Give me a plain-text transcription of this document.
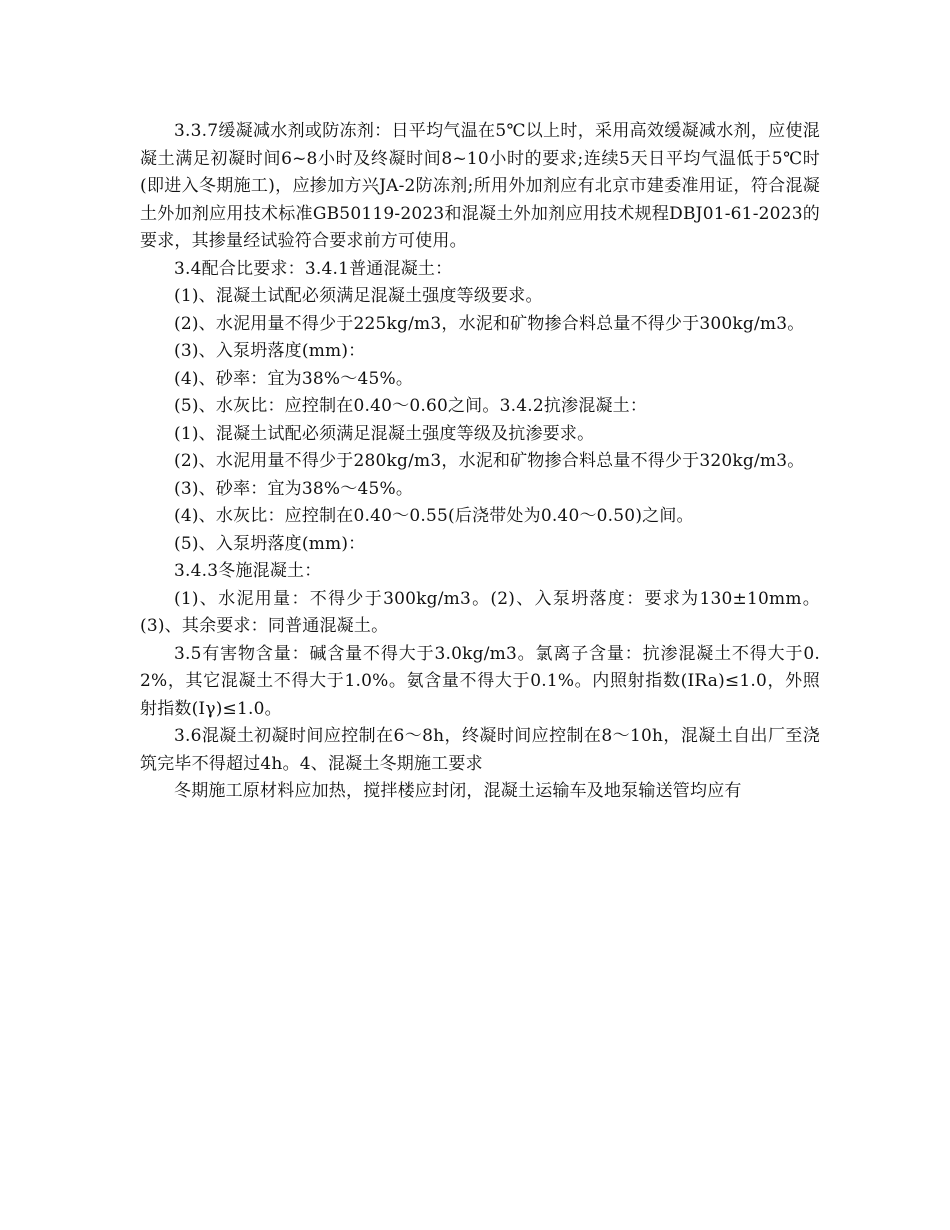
3.3.7缓凝减水剂或防冻剂：日平均气温在5℃以上时，采用高效缓凝减水剂，应使混凝土满足初凝时间6~8小时及终凝时间8~10小时的要求;连续5天日平均气温低于5℃时(即进入冬期施工)，应掺加方兴JA-2防冻剂;所用外加剂应有北京市建委准用证，符合混凝土外加剂应用技术标准GB50119-2023和混凝土外加剂应用技术规程DBJ01-61-2023的要求，其掺量经试验符合要求前方可使用。

3.4配合比要求：3.4.1普通混凝土：

(1)、混凝土试配必须满足混凝土强度等级要求。

(2)、水泥用量不得少于225kg/m3，水泥和矿物掺合料总量不得少于300kg/m3。

(3)、入泵坍落度(mm)：

(4)、砂率：宜为38%～45%。

(5)、水灰比：应控制在0.40～0.60之间。3.4.2抗渗混凝土：

(1)、混凝土试配必须满足混凝土强度等级及抗渗要求。

(2)、水泥用量不得少于280kg/m3，水泥和矿物掺合料总量不得少于320kg/m3。

(3)、砂率：宜为38%～45%。

(4)、水灰比：应控制在0.40～0.55(后浇带处为0.40～0.50)之间。

(5)、入泵坍落度(mm)：

3.4.3冬施混凝土：

(1)、水泥用量：不得少于300kg/m3。(2)、入泵坍落度：要求为130±10mm。(3)、其余要求：同普通混凝土。

3.5有害物含量：碱含量不得大于3.0kg/m3。氯离子含量：抗渗混凝土不得大于0.2%，其它混凝土不得大于1.0%。氨含量不得大于0.1%。内照射指数(IRa)≤1.0，外照射指数(Iγ)≤1.0。

3.6混凝土初凝时间应控制在6～8h，终凝时间应控制在8～10h，混凝土自出厂至浇筑完毕不得超过4h。4、混凝土冬期施工要求

冬期施工原材料应加热，搅拌楼应封闭，混凝土运输车及地泵输送管均应有
